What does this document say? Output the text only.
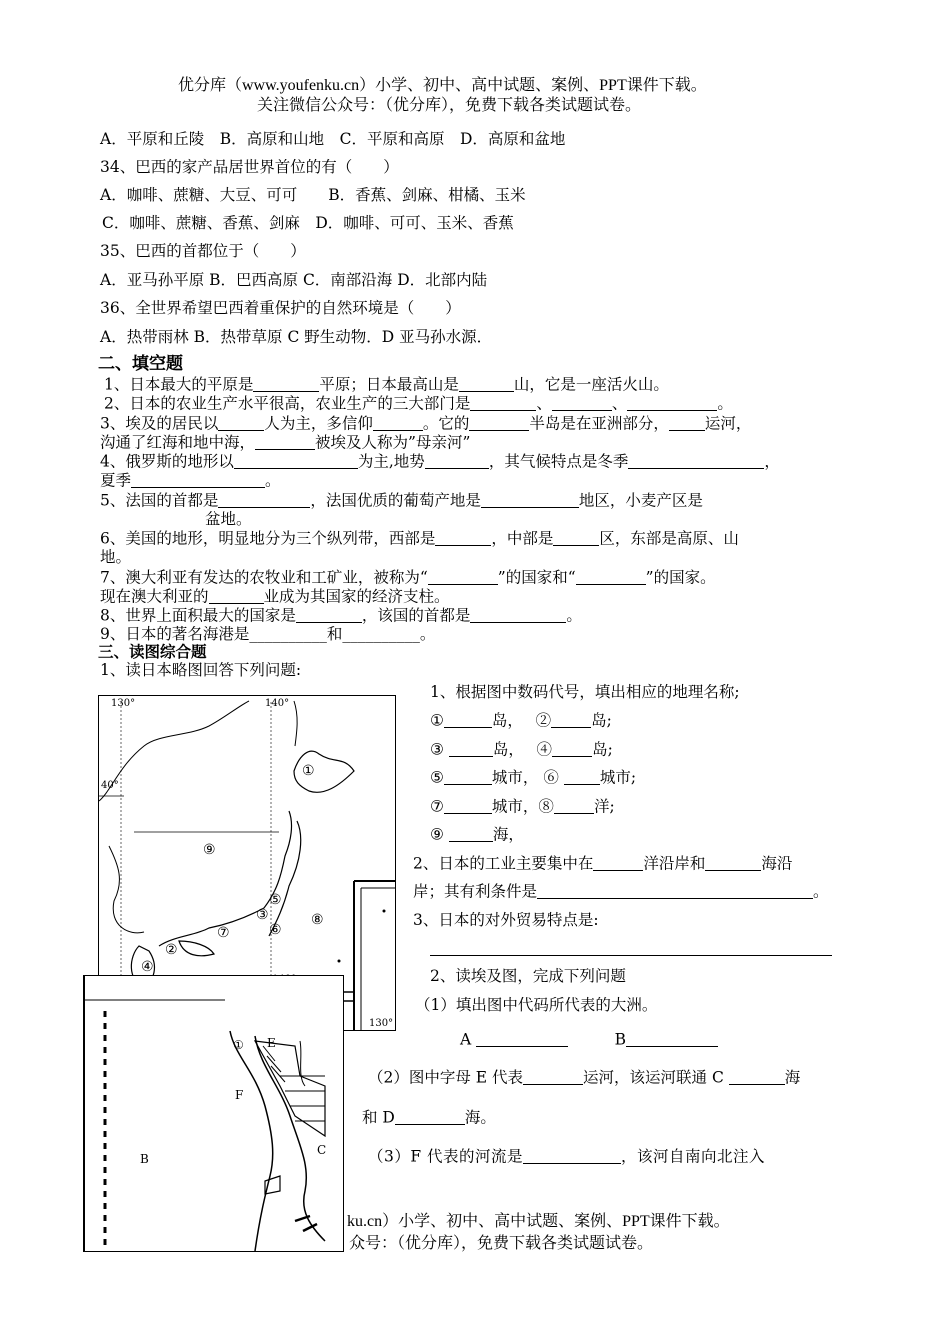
优分库（www.youfenku.cn）小学、初中、高中试题、案例、PPT课件下载。
关注微信公众号：（优分库），免费下载各类试题试卷。
A．平原和丘陵　B．高原和山地　C．平原和高原　D．高原和盆地
34、巴西的家产品居世界首位的有（　　）
A．咖啡、蔗糖、大豆、可可　　B．香蕉、剑麻、柑橘、玉米
C．咖啡、蔗糖、香蕉、剑麻　D．咖啡、可可、玉米、香蕉
35、巴西的首都位于（　　）
A．亚马孙平原 B．巴西高原 C．南部沿海 D．北部内陆
36、全世界希望巴西着重保护的自然环境是（　　）
A．热带雨林 B．热带草原 C 野生动物．D 亚马孙水源．
二、填空题
1、日本最大的平原是	平原；日本最高山是	山，它是一座活火山。
2、日本的农业生产水平很高，农业生产的三大部门是	、	、	。
3、埃及的居民以	人为主，多信仰	。它的	半岛是在亚洲部分， 运河，
沟通了红海和地中海，	被埃及人称为”母亲河”
4、俄罗斯的地形以	为主,地势	，其气候特点是冬季	，
夏季	。
5、法国的首都是	，法国优质的葡萄产地是	地区，小麦产区是
盆地。
6、美国的地形，明显地分为三个纵列带，西部是	，中部是	区，东部是高原、山
地。
7、澳大利亚有发达的农牧业和工矿业，被称为“	”的国家和“	”的国家。
现在澳大利亚的	业成为其国家的经济支柱。
8、世界上面积最大的国家是	，该国的首都是	。
9、日本的著名海港是__________和__________。
三、读图综合题
1、读日本略图回答下列问题:
130°	140°
130°
40°
①
②
③
④
⑤
⑥
⑦
⑧
⑨
1、根据图中数码代号，填出相应的地理名称;
①	岛，　 ②	岛;
③	岛，　 ④	岛;
⑤	城市， ⑥	城市;
⑦	城市，⑧	洋;
⑨	海，
2、日本的工业主要集中在	洋沿岸和	海沿
岸；其有利条件是	。
3、日本的对外贸易特点是:
2、读埃及图，完成下列问题
（1）填出图中代码所代表的大洲。
A 　　　	B
（2）图中字母 E 代表	运河，该运河联通 C	海
和 D	海。
（3）F 代表的河流是	，该河自南向北注入
① E
F
B
C
ku.cn）小学、初中、高中试题、案例、PPT课件下载。
众号：（优分库），免费下载各类试题试卷。
